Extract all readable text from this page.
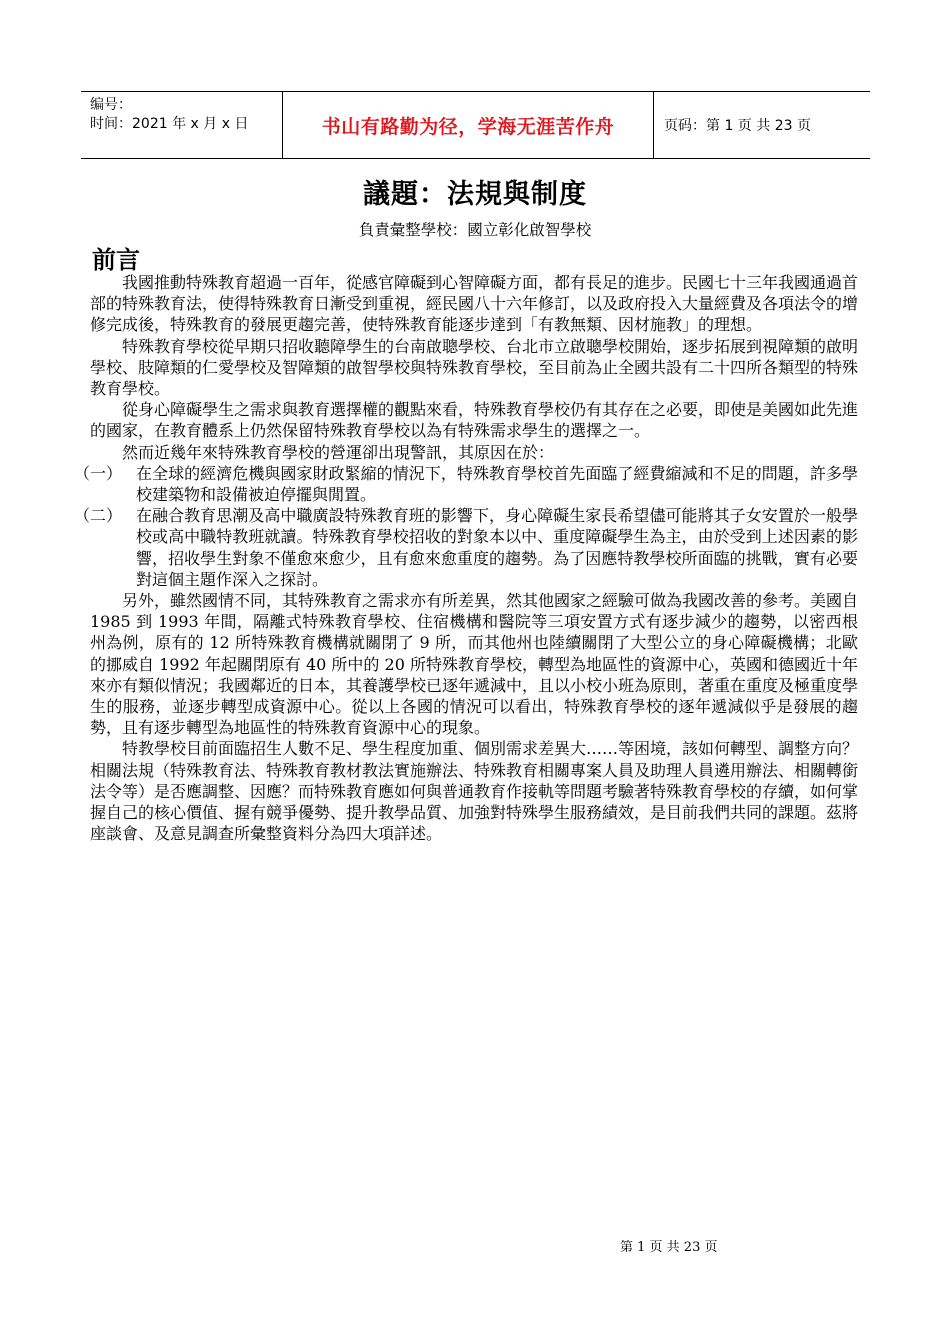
编号：
时间：2021 年 x 月 x 日	书山有路勤为径，学海无涯苦作舟	页码：第 1 页 共 23 页
議題：法規與制度
負責彙整學校：國立彰化啟智學校
前言

我國推動特殊教育超過一百年，從感官障礙到心智障礙方面，都有長足的進步。民國七十三年我國通過首部的特殊教育法，使得特殊教育日漸受到重視，經民國八十六年修訂，以及政府投入大量經費及各項法令的增修完成後，特殊教育的發展更趨完善，使特殊教育能逐步達到「有教無類、因材施教」的理想。

特殊教育學校從早期只招收聽障學生的台南啟聰學校、台北市立啟聰學校開始，逐步拓展到視障類的啟明學校、肢障類的仁愛學校及智障類的啟智學校與特殊教育學校，至目前為止全國共設有二十四所各類型的特殊教育學校。

從身心障礙學生之需求與教育選擇權的觀點來看，特殊教育學校仍有其存在之必要，即使是美國如此先進的國家，在教育體系上仍然保留特殊教育學校以為有特殊需求學生的選擇之一。

然而近幾年來特殊教育學校的營運卻出現警訊，其原因在於：

（一） 在全球的經濟危機與國家財政緊縮的情況下，特殊教育學校首先面臨了經費縮減和不足的問題，許多學校建築物和設備被迫停擺與閒置。
（二） 在融合教育思潮及高中職廣設特殊教育班的影響下，身心障礙生家長希望儘可能將其子女安置於一般學校或高中職特教班就讀。特殊教育學校招收的對象本以中、重度障礙學生為主，由於受到上述因素的影響，招收學生對象不僅愈來愈少，且有愈來愈重度的趨勢。為了因應特教學校所面臨的挑戰，實有必要對這個主題作深入之探討。

另外，雖然國情不同，其特殊教育之需求亦有所差異，然其他國家之經驗可做為我國改善的參考。美國自 1985 到 1993 年間，隔離式特殊教育學校、住宿機構和醫院等三項安置方式有逐步減少的趨勢，以密西根州為例，原有的 12 所特殊教育機構就關閉了 9 所，而其他州也陸續關閉了大型公立的身心障礙機構；北歐的挪威自 1992 年起關閉原有 40 所中的 20 所特殊教育學校，轉型為地區性的資源中心，英國和德國近十年來亦有類似情況；我國鄰近的日本，其養護學校已逐年遞減中，且以小校小班為原則，著重在重度及極重度學生的服務，並逐步轉型成資源中心。從以上各國的情況可以看出，特殊教育學校的逐年遞減似乎是發展的趨勢，且有逐步轉型為地區性的特殊教育資源中心的現象。

特教學校目前面臨招生人數不足、學生程度加重、個別需求差異大……等困境，該如何轉型、調整方向？相關法規（特殊教育法、特殊教育教材教法實施辦法、特殊教育相關專案人員及助理人員遴用辦法、相關轉銜法令等）是否應調整、因應？而特殊教育應如何與普通教育作接軌等問題考驗著特殊教育學校的存續，如何掌握自己的核心價值、握有競爭優勢、提升教學品質、加強對特殊學生服務績效，是目前我們共同的課題。茲將座談會、及意見調查所彙整資料分為四大項詳述。

第 1 页 共 23 页
